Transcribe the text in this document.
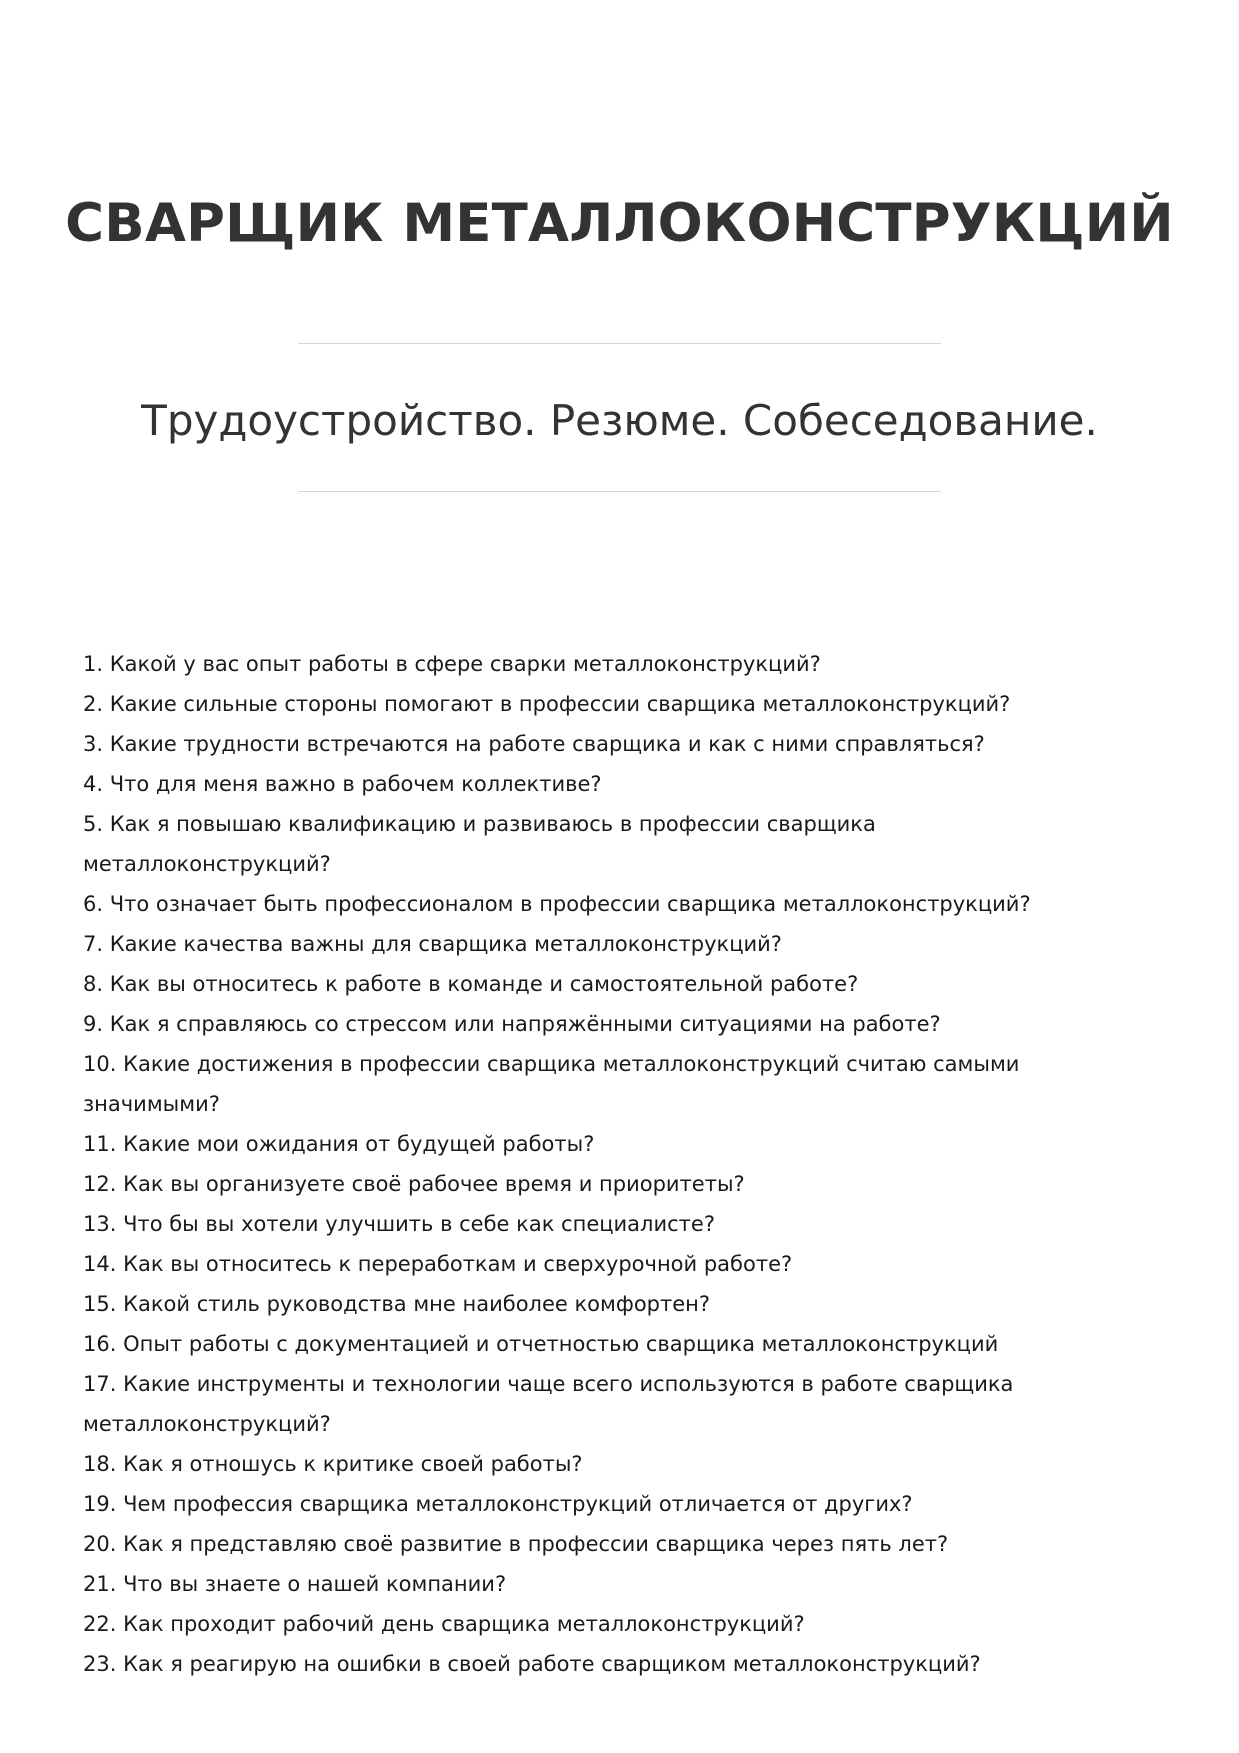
СВАРЩИК МЕТАЛЛОКОНСТРУКЦИЙ
Трудоустройство. Резюме. Собеседование.
1. Какой у вас опыт работы в сфере сварки металлоконструкций?
2. Какие сильные стороны помогают в профессии сварщика металлоконструкций?
3. Какие трудности встречаются на работе сварщика и как с ними справляться?
4. Что для меня важно в рабочем коллективе?
5. Как я повышаю квалификацию и развиваюсь в профессии сварщика металлоконструкций?
6. Что означает быть профессионалом в профессии сварщика металлоконструкций?
7. Какие качества важны для сварщика металлоконструкций?
8. Как вы относитесь к работе в команде и самостоятельной работе?
9. Как я справляюсь со стрессом или напряжёнными ситуациями на работе?
10. Какие достижения в профессии сварщика металлоконструкций считаю самыми значимыми?
11. Какие мои ожидания от будущей работы?
12. Как вы организуете своё рабочее время и приоритеты?
13. Что бы вы хотели улучшить в себе как специалисте?
14. Как вы относитесь к переработкам и сверхурочной работе?
15. Какой стиль руководства мне наиболее комфортен?
16. Опыт работы с документацией и отчетностью сварщика металлоконструкций
17. Какие инструменты и технологии чаще всего используются в работе сварщика металлоконструкций?
18. Как я отношусь к критике своей работы?
19. Чем профессия сварщика металлоконструкций отличается от других?
20. Как я представляю своё развитие в профессии сварщика через пять лет?
21. Что вы знаете о нашей компании?
22. Как проходит рабочий день сварщика металлоконструкций?
23. Как я реагирую на ошибки в своей работе сварщиком металлоконструкций?
